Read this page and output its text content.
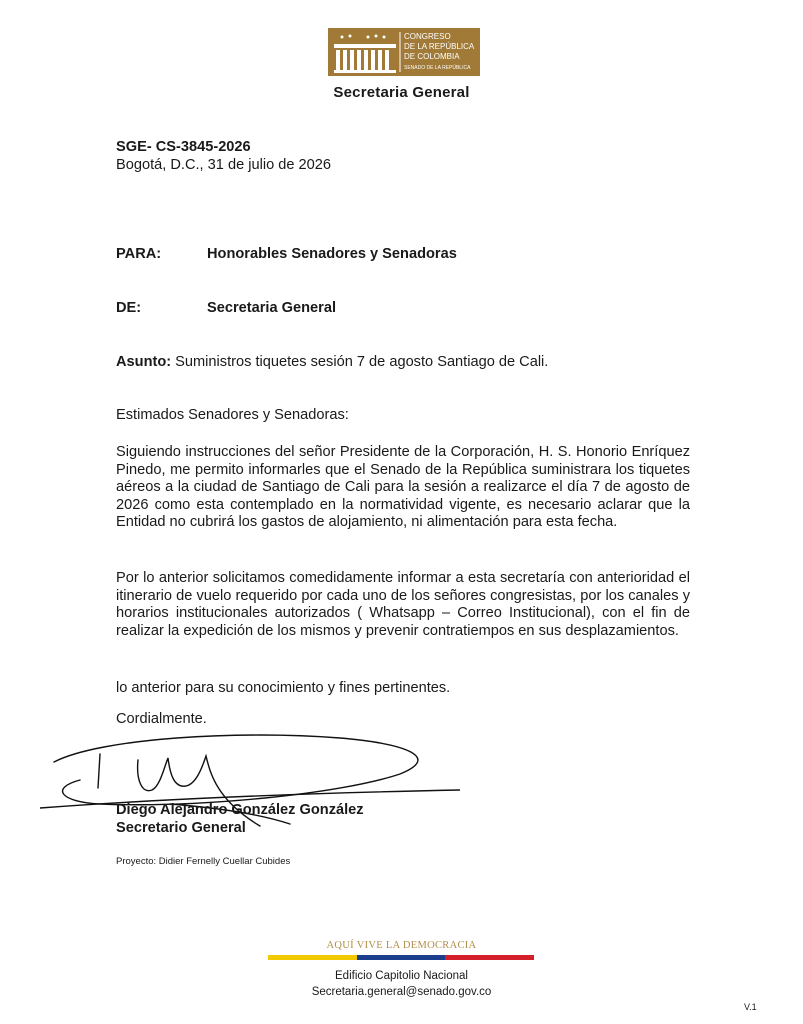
CONGRESO
DE LA REPÚBLICA
DE COLOMBIA
SENADO DE LA REPÚBLICA
Secretaria General
SGE- CS-3845-2026
Bogotá, D.C., 31 de julio de 2026
PARA:	Honorables Senadores y Senadoras
DE:	Secretaria General
Asunto: Suministros tiquetes sesión 7 de agosto Santiago de Cali.
Estimados Senadores y Senadoras:
Siguiendo instrucciones del señor Presidente de la Corporación, H. S. Honorio Enríquez Pinedo, me permito informarles que el Senado de la República suministrara los tiquetes aéreos a la ciudad de Santiago de Cali para la sesión a realizarce el día 7 de agosto de 2026 como esta contemplado en la normatividad vigente, es necesario aclarar que la Entidad no cubrirá los gastos de alojamiento, ni alimentación para esta fecha.
Por lo anterior solicitamos comedidamente informar a esta secretaría con anterioridad el itinerario de vuelo requerido por cada uno de los señores congresistas, por los canales y horarios institucionales autorizados ( Whatsapp – Correo Institucional), con el fin de realizar la expedición de los mismos y prevenir contratiempos en sus desplazamientos.
lo anterior para su conocimiento y fines pertinentes.
Cordialmente.
Diego Alejandro González González
Secretario General
Proyecto: Didier Fernelly Cuellar Cubides
AQUÍ VIVE LA DEMOCRACIA
Edificio Capitolio Nacional
Secretaria.general@senado.gov.co
V.1
